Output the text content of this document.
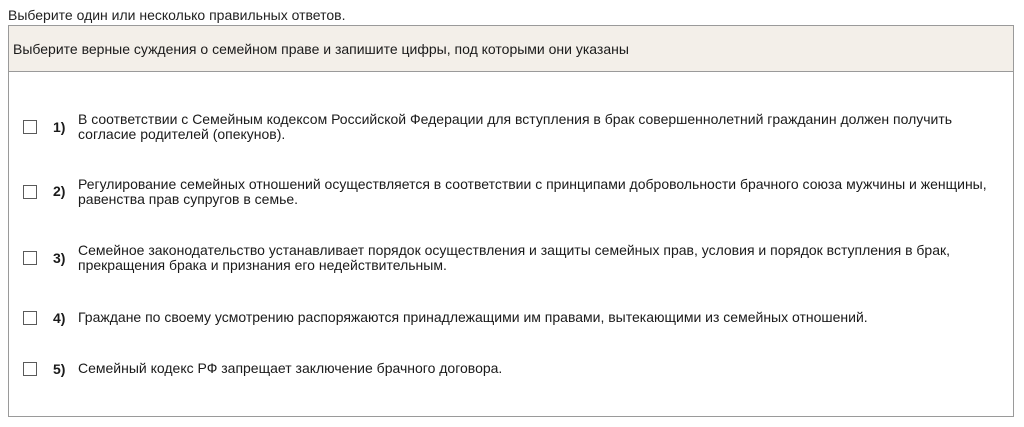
Выберите один или несколько правильных ответов.
Выберите верные суждения о семейном праве и запишите цифры, под которыми они указаны
1) В соответствии с Семейным кодексом Российской Федерации для вступления в брак совершеннолетний гражданин должен получить согласие родителей (опекунов).
2) Регулирование семейных отношений осуществляется в соответствии с принципами добровольности брачного союза мужчины и женщины, равенства прав супругов в семье.
3) Семейное законодательство устанавливает порядок осуществления и защиты семейных прав, условия и порядок вступления в брак, прекращения брака и признания его недействительным.
4) Граждане по своему усмотрению распоряжаются принадлежащими им правами, вытекающими из семейных отношений.
5) Семейный кодекс РФ запрещает заключение брачного договора.
